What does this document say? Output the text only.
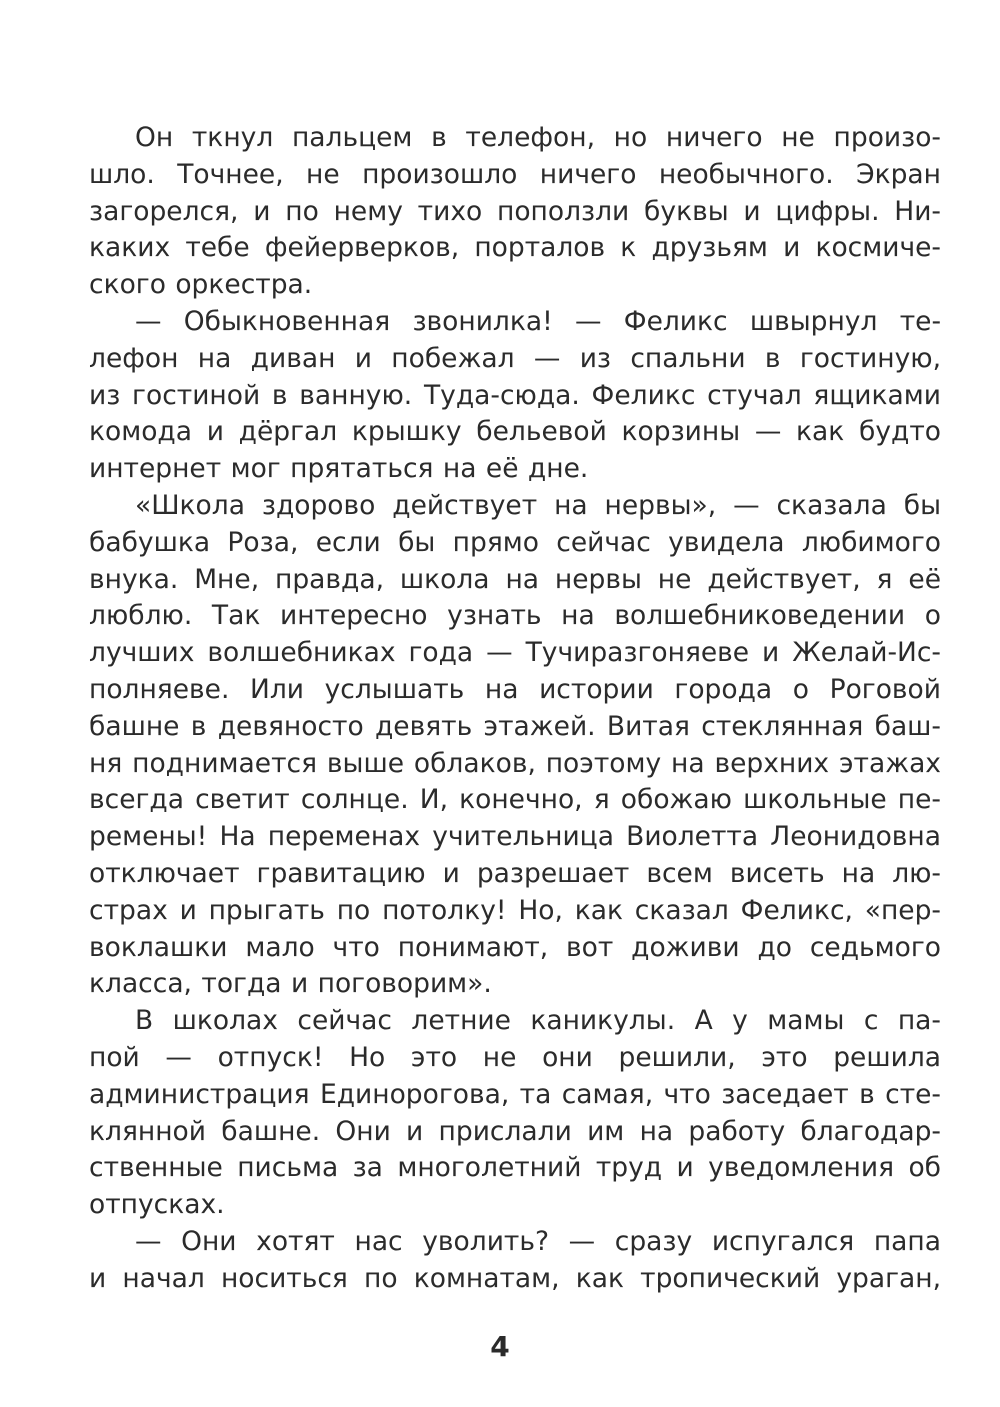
Он ткнул пальцем в телефон, но ничего не произо-
шло. Точнее, не произошло ничего необычного. Экран
загорелся, и по нему тихо поползли буквы и цифры. Ни-
каких тебе фейерверков, порталов к друзьям и космиче-
ского оркестра.
— Обыкновенная звонилка! — Феликс швырнул те-
лефон на диван и побежал — из спальни в гостиную,
из гостиной в ванную. Туда-сюда. Феликс стучал ящиками
комода и дёргал крышку бельевой корзины — как будто
интернет мог прятаться на её дне.
«Школа здорово действует на нервы», — сказала бы
бабушка Роза, если бы прямо сейчас увидела любимого
внука. Мне, правда, школа на нервы не действует, я её
люблю. Так интересно узнать на волшебниковедении о
лучших волшебниках года — Тучиразгоняеве и Желай-Ис-
полняеве. Или услышать на истории города о Роговой
башне в девяносто девять этажей. Витая стеклянная баш-
ня поднимается выше облаков, поэтому на верхних этажах
всегда светит солнце. И, конечно, я обожаю школьные пе-
ремены! На переменах учительница Виолетта Леонидовна
отключает гравитацию и разрешает всем висеть на лю-
страх и прыгать по потолку! Но, как сказал Феликс, «пер-
воклашки мало что понимают, вот доживи до седьмого
класса, тогда и поговорим».
В школах сейчас летние каникулы. А у мамы с па-
пой — отпуск! Но это не они решили, это решила
администрация Единорогова, та самая, что заседает в сте-
клянной башне. Они и прислали им на работу благодар-
ственные письма за многолетний труд и уведомления об
отпусках.
— Они хотят нас уволить? — сразу испугался папа
и начал носиться по комнатам, как тропический ураган,
4
